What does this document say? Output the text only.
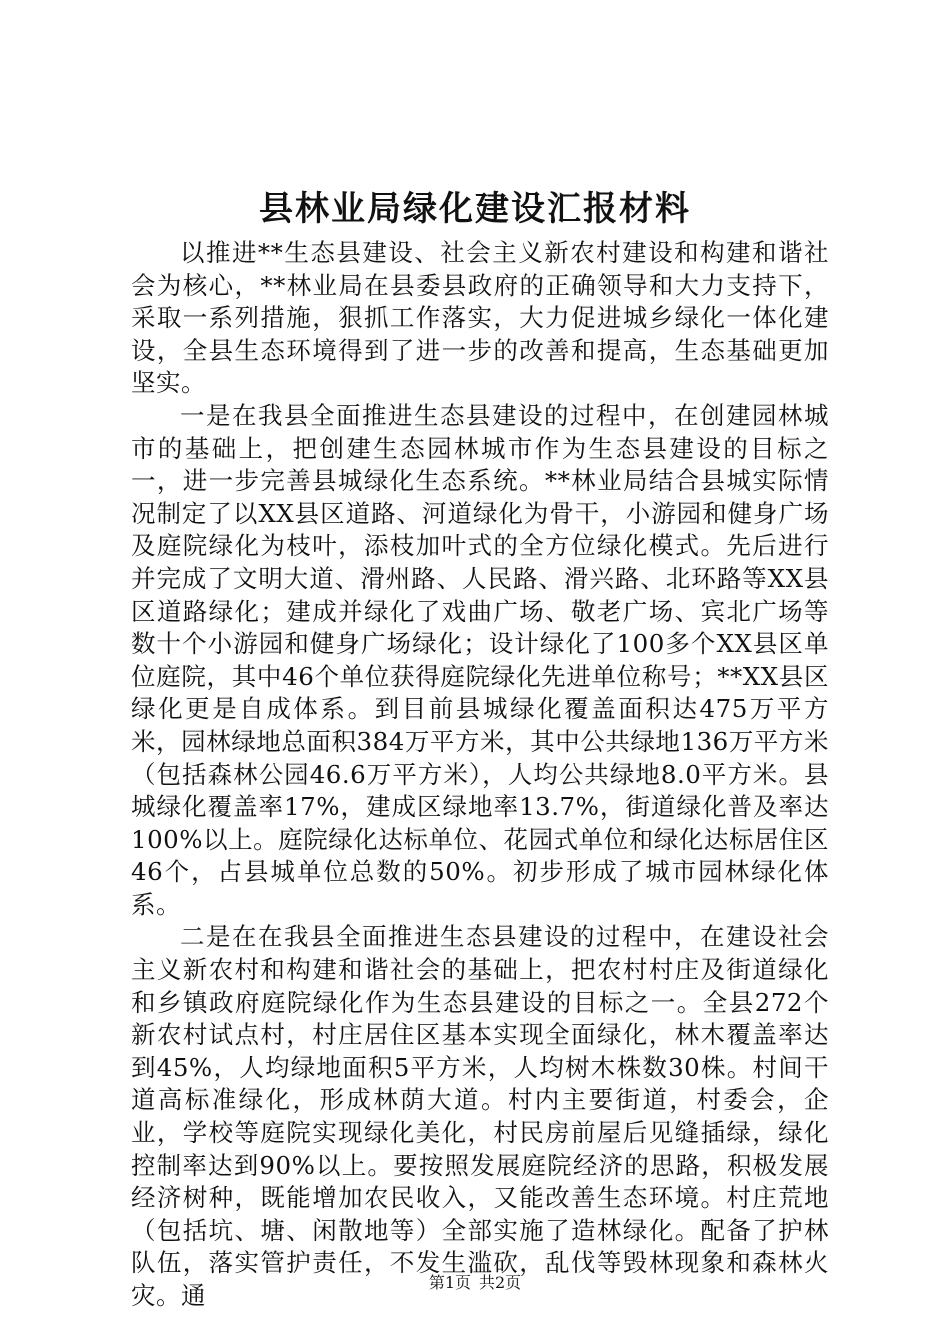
县林业局绿化建设汇报材料

以推进**生态县建设、社会主义新农村建设和构建和谐社会为核心，**林业局在县委县政府的正确领导和大力支持下，采取一系列措施，狠抓工作落实，大力促进城乡绿化一体化建设，全县生态环境得到了进一步的改善和提高，生态基础更加坚实。

一是在我县全面推进生态县建设的过程中，在创建园林城市的基础上，把创建生态园林城市作为生态县建设的目标之一，进一步完善县城绿化生态系统。**林业局结合县城实际情况制定了以XX县区道路、河道绿化为骨干，小游园和健身广场及庭院绿化为枝叶，添枝加叶式的全方位绿化模式。先后进行并完成了文明大道、滑州路、人民路、滑兴路、北环路等XX县区道路绿化；建成并绿化了戏曲广场、敬老广场、宾北广场等数十个小游园和健身广场绿化；设计绿化了100多个XX县区单位庭院，其中46个单位获得庭院绿化先进单位称号；**XX县区绿化更是自成体系。到目前县城绿化覆盖面积达475万平方米，园林绿地总面积384万平方米，其中公共绿地136万平方米（包括森林公园46.6万平方米），人均公共绿地8.0平方米。县城绿化覆盖率17%，建成区绿地率13.7%，街道绿化普及率达100%以上。庭院绿化达标单位、花园式单位和绿化达标居住区46个，占县城单位总数的50%。初步形成了城市园林绿化体系。

二是在在我县全面推进生态县建设的过程中，在建设社会主义新农村和构建和谐社会的基础上，把农村村庄及街道绿化和乡镇政府庭院绿化作为生态县建设的目标之一。全县272个新农村试点村，村庄居住区基本实现全面绿化，林木覆盖率达到45%，人均绿地面积5平方米，人均树木株数30株。村间干道高标准绿化，形成林荫大道。村内主要街道，村委会，企业，学校等庭院实现绿化美化，村民房前屋后见缝插绿，绿化控制率达到90%以上。要按照发展庭院经济的思路，积极发展经济树种，既能增加农民收入，又能改善生态环境。村庄荒地（包括坑、塘、闲散地等）全部实施了造林绿化。配备了护林队伍，落实管护责任，不发生滥砍，乱伐等毁林现象和森林火灾。通	第1页 共2页
